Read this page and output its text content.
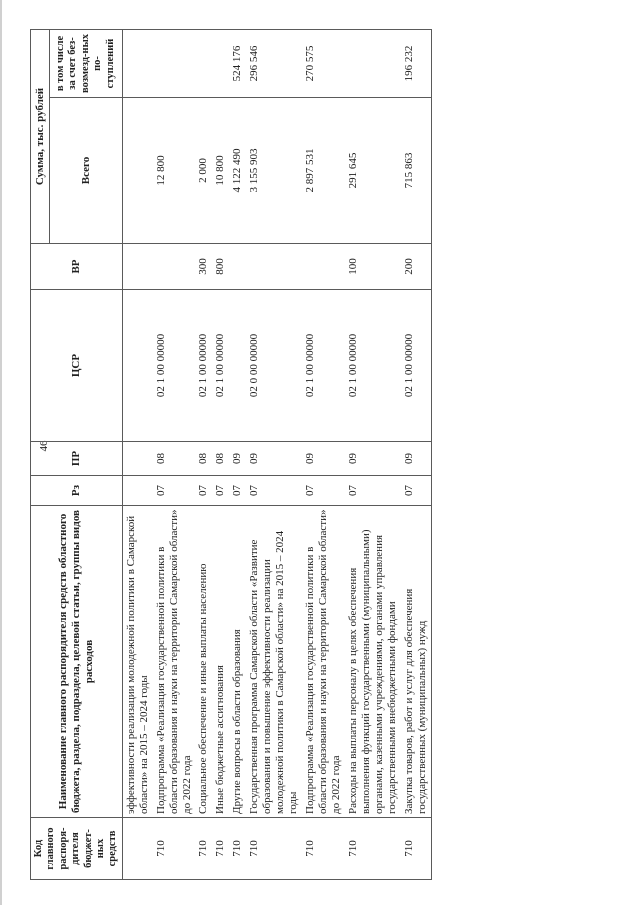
46
Код главного распоря-дителя бюджет-ных средств	Наименование главного распорядителя средств областного бюджета, раздела, подраздела, целевой статьи, группы видов расходов	Рз	ПР	ЦСР	ВР	Сумма, тыс. рублей	
						Всего	в том числе за счет без-возмезд-ных по-ступлений
	эффективности реализации молодежной политики в Самарской области» на 2015 – 2024 годы						
710	Подпрограмма «Реализация государственной политики в области образования и науки на территории Самарской области» до 2022 года	07	08	02 1 00 00000		12 800	
710	Социальное обеспечение и иные выплаты населению	07	08	02 1 00 00000	300	2 000	
710	Иные бюджетные ассигнования	07	08	02 1 00 00000	800	10 800	
710	Другие вопросы в области образования	07	09			4 122 490	524 176
710	Государственная программа Самарской области «Развитие образования и повышение эффективности реализации молодежной политики в Самарской области» на 2015 – 2024 годы	07	09	02 0 00 00000		3 155 903	296 546
710	Подпрограмма «Реализация государственной политики в области образования и науки на территории Самарской области» до 2022 года	07	09	02 1 00 00000		2 897 531	270 575
710	Расходы на выплаты персоналу в целях обеспечения выполнения функций государственными (муниципальными) органами, казенными учреждениями, органами управления государственными внебюджетными фондами	07	09	02 1 00 00000	100	291 645	
710	Закупка товаров, работ и услуг для обеспечения государственных (муниципальных) нужд	07	09	02 1 00 00000	200	715 863	196 232
